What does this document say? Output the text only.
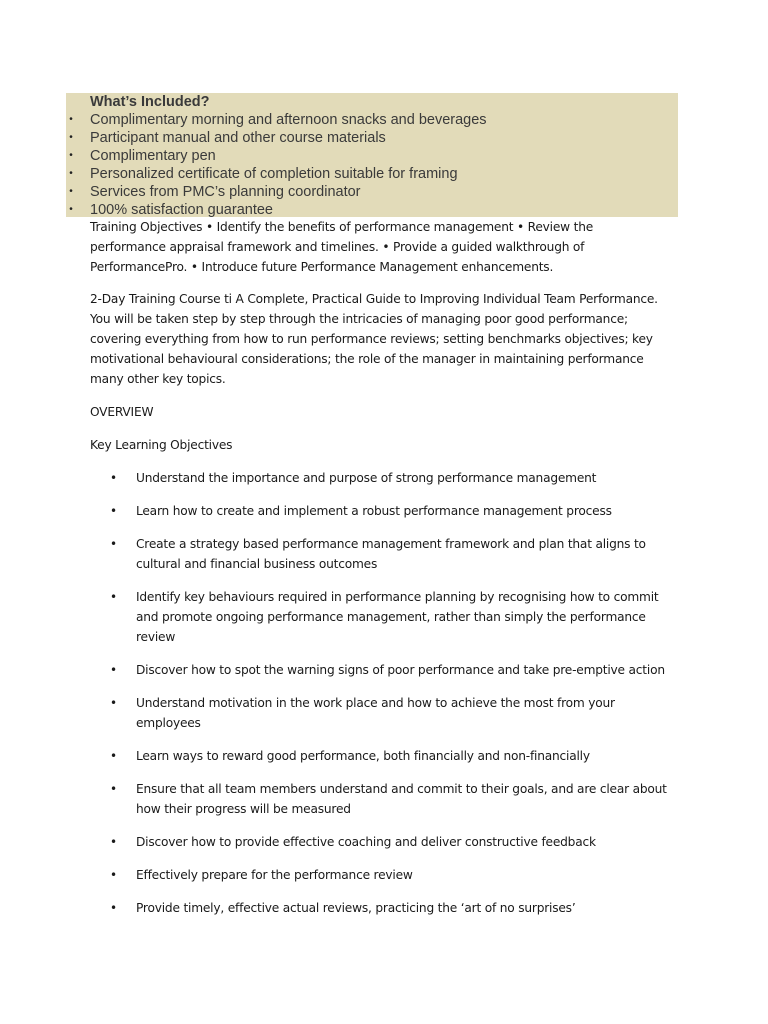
What’s Included?
• Complimentary morning and afternoon snacks and beverages
• Participant manual and other course materials
• Complimentary pen
• Personalized certificate of completion suitable for framing
• Services from PMC’s planning coordinator
• 100% satisfaction guarantee

Training Objectives • Identify the benefits of performance management • Review the performance appraisal framework and timelines. • Provide a guided walkthrough of PerformancePro. • Introduce future Performance Management enhancements.

2-Day Training Course ti A Complete, Practical Guide to Improving Individual Team Performance. You will be taken step by step through the intricacies of managing poor good performance; covering everything from how to run performance reviews; setting benchmarks objectives; key motivational behavioural considerations; the role of the manager in maintaining performance many other key topics.

OVERVIEW

Key Learning Objectives

• Understand the importance and purpose of strong performance management
• Learn how to create and implement a robust performance management process
• Create a strategy based performance management framework and plan that aligns to cultural and financial business outcomes
• Identify key behaviours required in performance planning by recognising how to commit and promote ongoing performance management, rather than simply the performance review
• Discover how to spot the warning signs of poor performance and take pre-emptive action
• Understand motivation in the work place and how to achieve the most from your employees
• Learn ways to reward good performance, both financially and non-financially
• Ensure that all team members understand and commit to their goals, and are clear about how their progress will be measured
• Discover how to provide effective coaching and deliver constructive feedback
• Effectively prepare for the performance review
• Provide timely, effective actual reviews, practicing the ‘art of no surprises’
